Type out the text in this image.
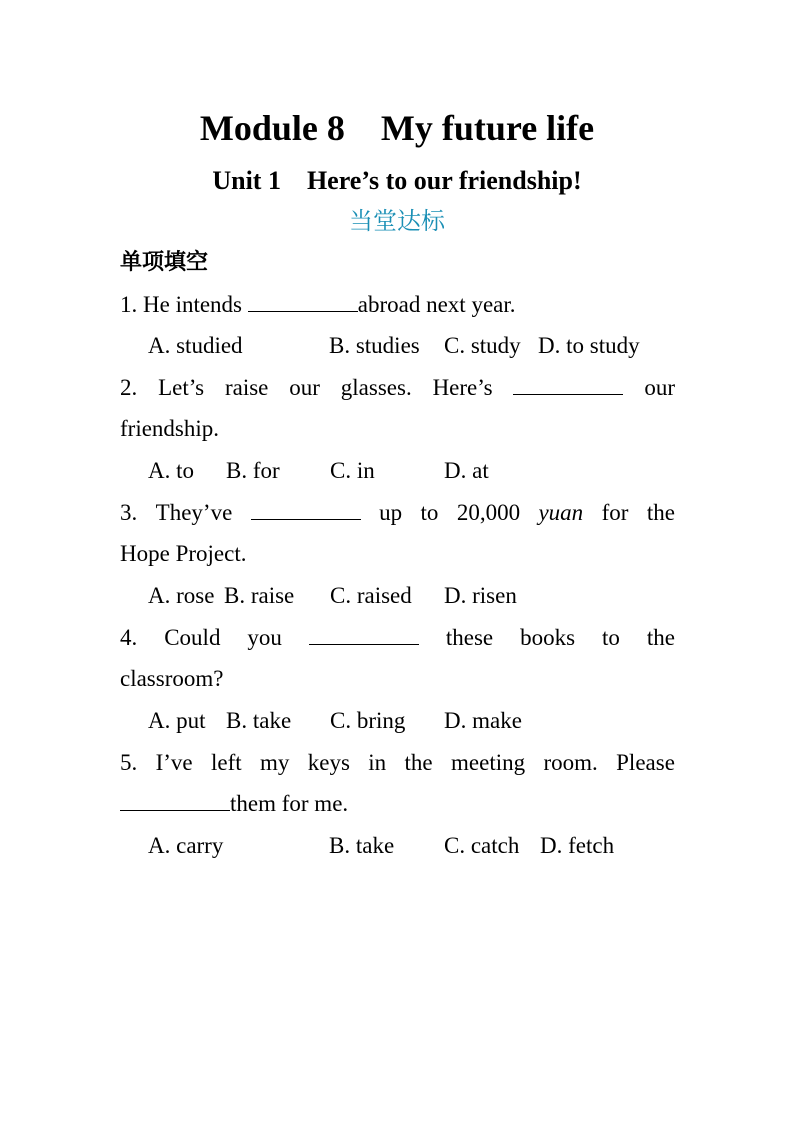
Module 8    My future life
Unit 1    Here’s to our friendship!
当堂达标
单项填空
1. He intends	abroad next year.
A. studied	B. studies C. study D. to study
2. Let’s raise our glasses. Here’s	our
friendship.
A. to B. for C. in	D. at
3. They’ve	up to 20,000 yuan for the
Hope Project.
A. rose B. raise C. raised D. risen
4. Could you	these books to the
classroom?
A. put B. take C. bring D. make
5. I’ve left my keys in the meeting room. Please
them for me.
A. carry	B. take C. catch D. fetch
